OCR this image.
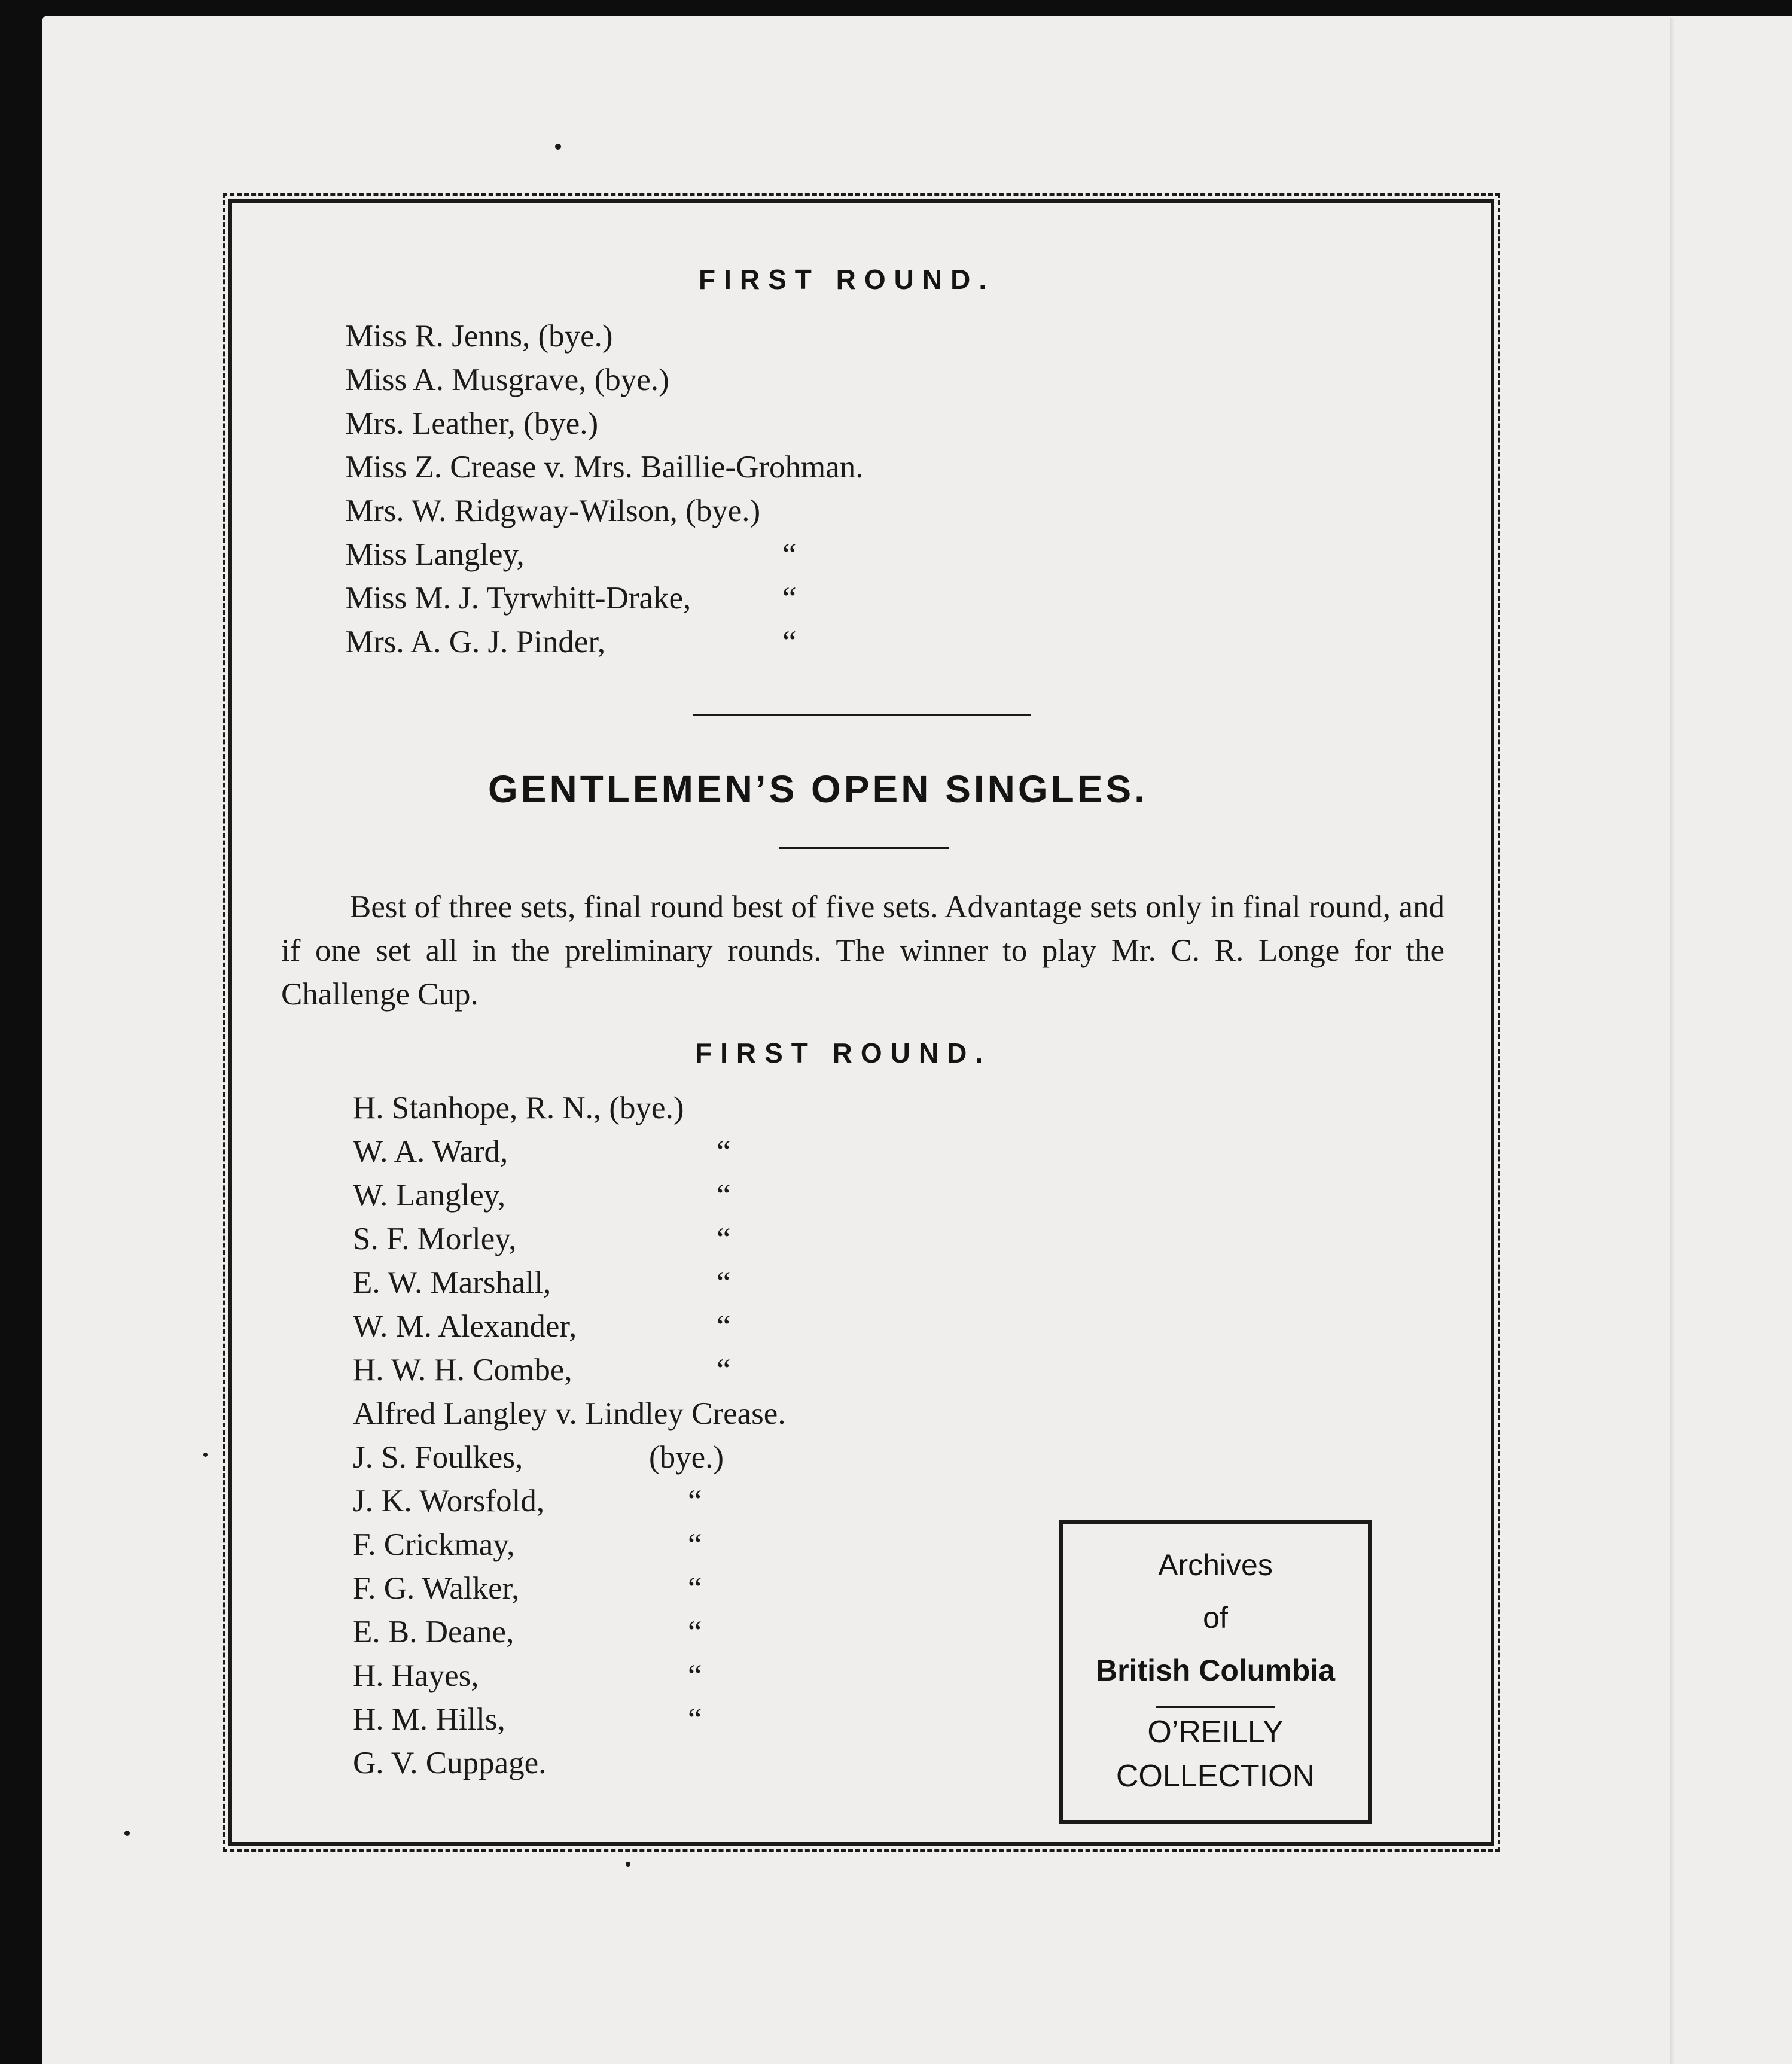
FIRST ROUND.
Miss R. Jenns, (bye.)
Miss A. Musgrave, (bye.)
Mrs. Leather, (bye.)
Miss Z. Crease v. Mrs. Baillie-Grohman.
Mrs. W. Ridgway-Wilson, (bye.)
Miss Langley,	“
Miss M. J. Tyrwhitt-Drake,	“
Mrs. A. G. J. Pinder,	“
GENTLEMEN’S OPEN SINGLES.
Best of three sets, final round best of five sets. Advantage sets only in final round, and if one set all in the preliminary rounds. The winner to play Mr. C. R. Longe for the Challenge Cup.
FIRST ROUND.
H. Stanhope, R. N., (bye.)
W. A. Ward,	“
W. Langley,	“
S. F. Morley,	“
E. W. Marshall,	“
W. M. Alexander,	“
H. W. H. Combe,	“
Alfred Langley v. Lindley Crease.
J. S. Foulkes,	(bye.)
J. K. Worsfold,	“
F. Crickmay,	“
F. G. Walker,	“
E. B. Deane,	“
H. Hayes,	“
H. M. Hills,	“
G. V. Cuppage.
Archives
of
British Columbia
O’REILLY
COLLECTION
